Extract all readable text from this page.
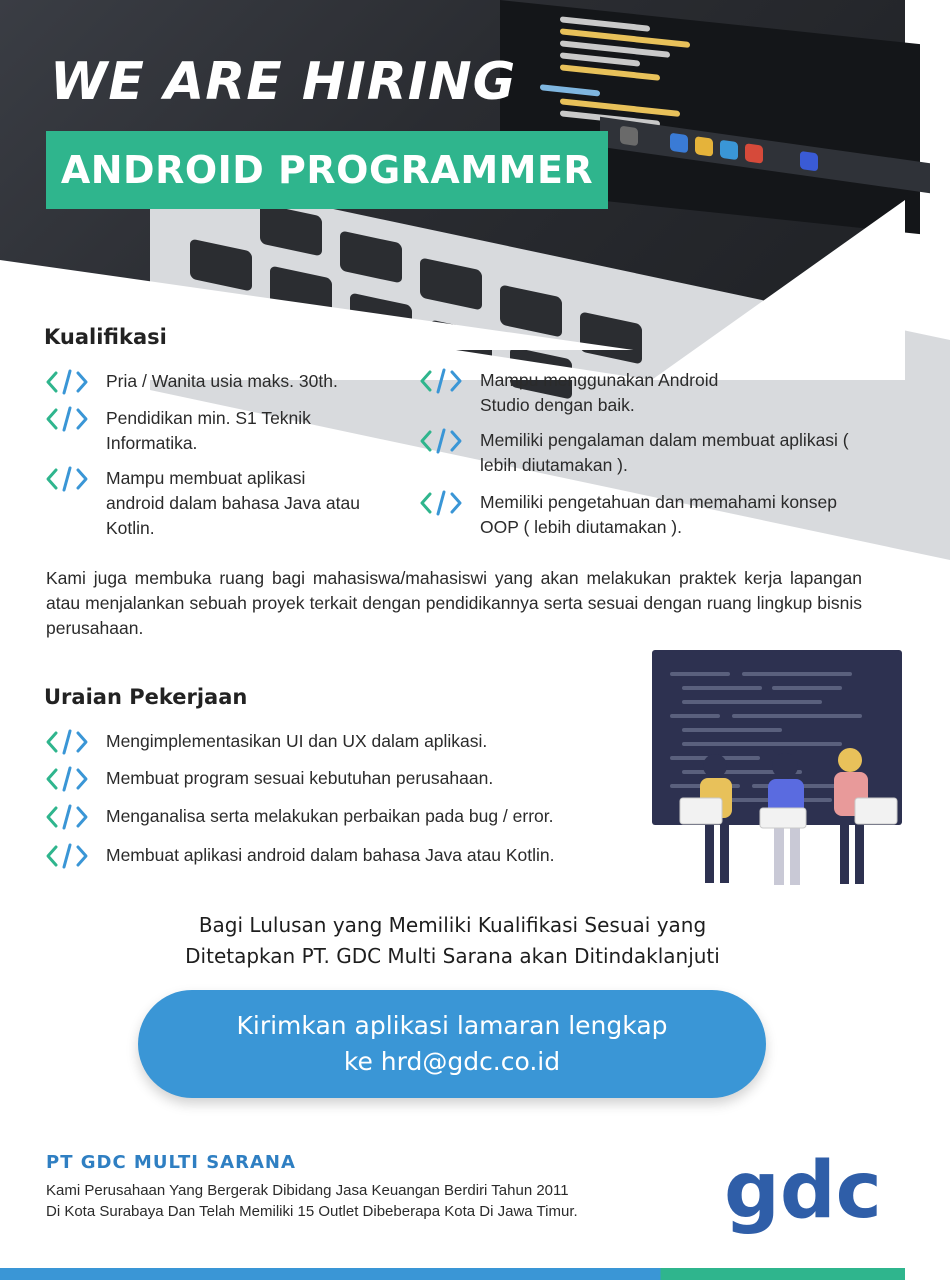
WE ARE HIRING
ANDROID PROGRAMMER
Kualifikasi
Pria / Wanita usia maks. 30th.
Pendidikan min. S1 Teknik Informatika.
Mampu membuat aplikasi android dalam bahasa Java atau Kotlin.
Mampu menggunakan Android Studio dengan baik.
Memiliki pengalaman dalam membuat aplikasi ( lebih diutamakan ).
Memiliki pengetahuan dan memahami konsep OOP ( lebih diutamakan ).

Kami juga membuka ruang bagi mahasiswa/mahasiswi yang akan melakukan praktek kerja lapangan atau menjalankan sebuah proyek terkait dengan pendidikannya serta sesuai dengan ruang lingkup bisnis perusahaan.

Uraian Pekerjaan
Mengimplementasikan UI dan UX dalam aplikasi.
Membuat program sesuai kebutuhan perusahaan.
Menganalisa serta melakukan perbaikan pada bug / error.
Membuat aplikasi android dalam bahasa Java atau Kotlin.

Bagi Lulusan yang Memiliki Kualifikasi Sesuai yang
Ditetapkan PT. GDC Multi Sarana akan Ditindaklanjuti

Kirimkan aplikasi lamaran lengkap
ke hrd@gdc.co.id
PT GDC MULTI SARANA

Kami Perusahaan Yang Bergerak Dibidang Jasa Keuangan Berdiri Tahun 2011
Di Kota Surabaya Dan Telah Memiliki 15 Outlet Dibeberapa Kota Di Jawa Timur.	gdc
